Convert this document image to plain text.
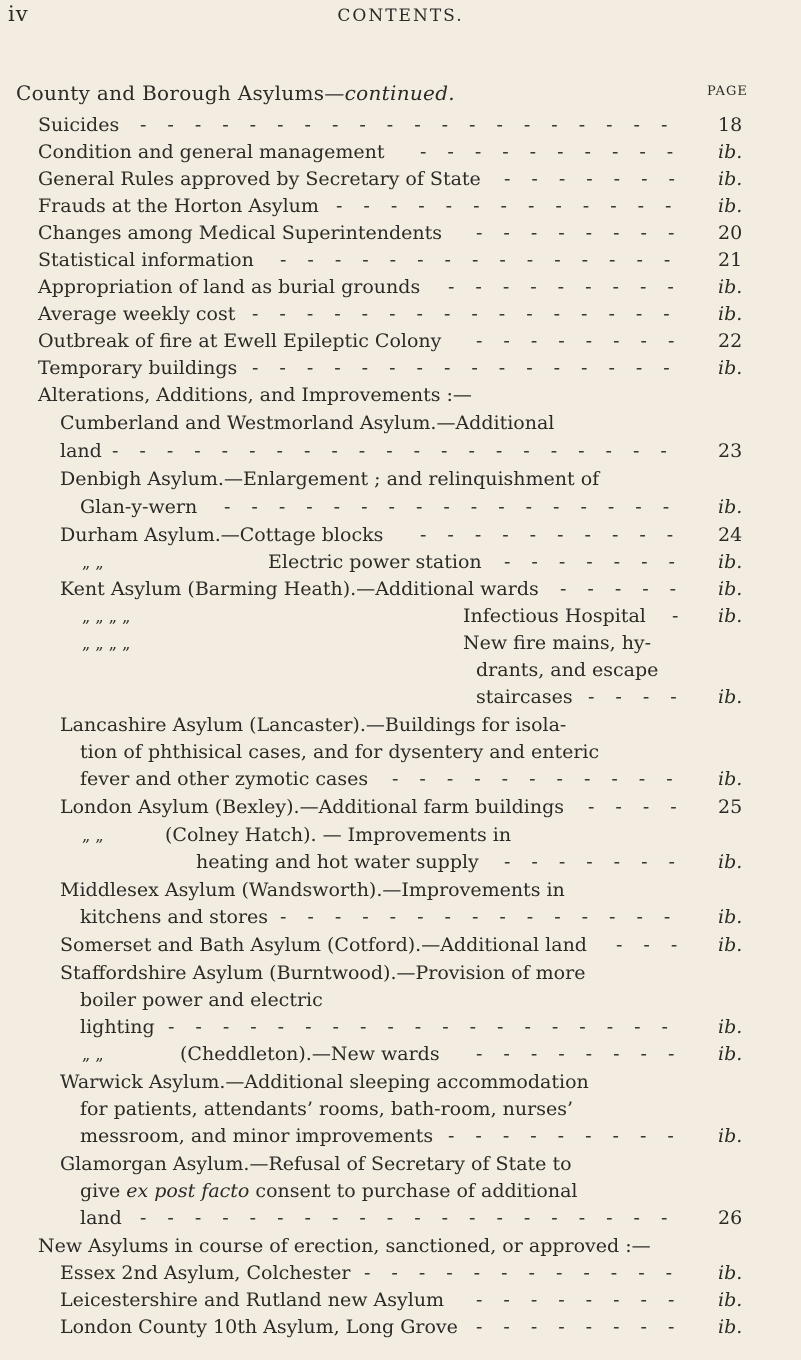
iv	CONTENTS.
PAGE
County and Borough Asylums—continued.
Suicides -------------------- 18
Condition and general management ---------- ib.
General Rules approved by Secretary of State ------- ib.
Frauds at the Horton Asylum ------------- ib.
Changes among Medical Superintendents -------- 20
Statistical information --------------- 21
Appropriation of land as burial grounds --------- ib.
Average weekly cost ---------------- ib.
Outbreak of fire at Ewell Epileptic Colony -------- 22
Temporary buildings ---------------- ib.
Alterations, Additions, and Improvements :—
Cumberland and Westmorland Asylum.—Additional
land --------------------- 23
Denbigh Asylum.—Enlargement ; and relinquishment of
Glan-y-wern ----------------- ib.
Durham Asylum.—Cottage blocks ---------- 24
„ „	Electric power station ------- ib.
Kent Asylum (Barming Heath).—Additional wards ----- ib.
„ „ „ „	Infectious Hospital - ib.
„ „ „ „	New fire mains, hy-
drants, and escape
staircases ---- ib.
Lancashire Asylum (Lancaster).—Buildings for isola-
tion of phthisical cases, and for dysentery and enteric
fever and other zymotic cases ----------- ib.
London Asylum (Bexley).—Additional farm buildings ---- 25
„ „	(Colney Hatch). — Improvements in
heating and hot water supply ------- ib.
Middlesex Asylum (Wandsworth).—Improvements in
kitchens and stores --------------- ib.
Somerset and Bath Asylum (Cotford).—Additional land --- ib.
Staffordshire Asylum (Burntwood).—Provision of more
boiler power and electric
lighting ------------------- ib.
„ „	(Cheddleton).—New wards -------- ib.
Warwick Asylum.—Additional sleeping accommodation
for patients, attendants’ rooms, bath-room, nurses’
messroom, and minor improvements --------- ib.
Glamorgan Asylum.—Refusal of Secretary of State to
give ex post facto consent to purchase of additional
land -------------------- 26
New Asylums in course of erection, sanctioned, or approved :—
Essex 2nd Asylum, Colchester ------------ ib.
Leicestershire and Rutland new Asylum -------- ib.
London County 10th Asylum, Long Grove -------- ib.
